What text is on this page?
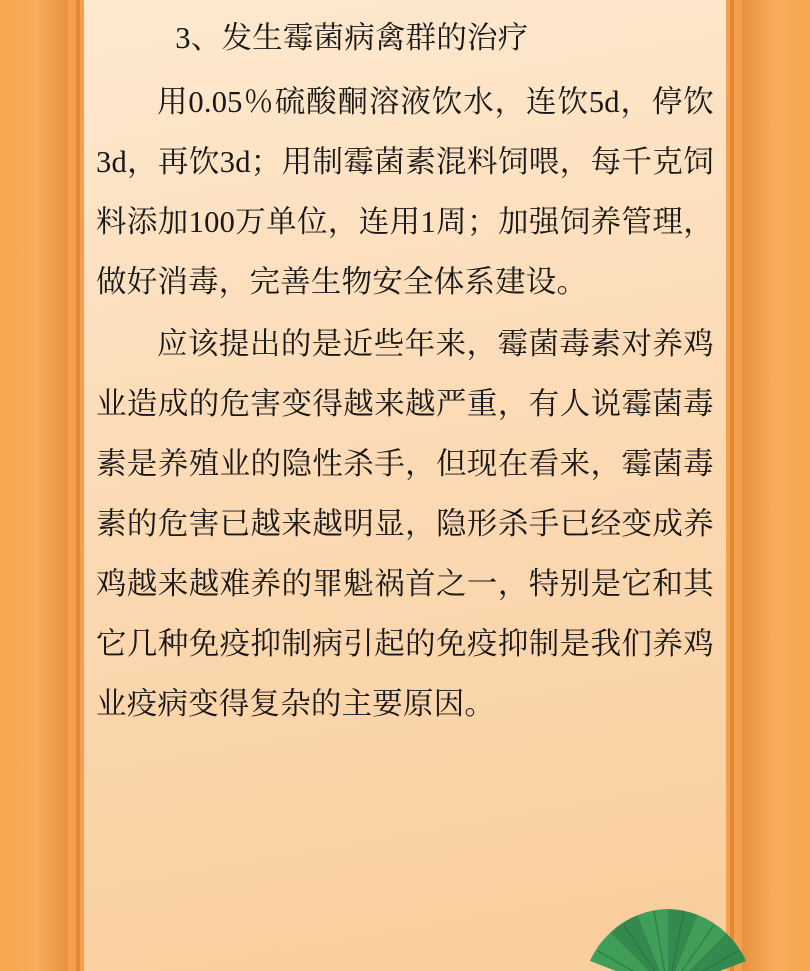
3、发生霉菌病禽群的治疗

用0.05％硫酸酮溶液饮水，连饮5d，停饮3d，再饮3d；用制霉菌素混料饲喂，每千克饲料添加100万单位，连用1周；加强饲养管理，做好消毒，完善生物安全体系建设。

应该提出的是近些年来，霉菌毒素对养鸡业造成的危害变得越来越严重，有人说霉菌毒素是养殖业的隐性杀手，但现在看来，霉菌毒素的危害已越来越明显，隐形杀手已经变成养鸡越来越难养的罪魁祸首之一，特别是它和其它几种免疫抑制病引起的免疫抑制是我们养鸡业疫病变得复杂的主要原因。
